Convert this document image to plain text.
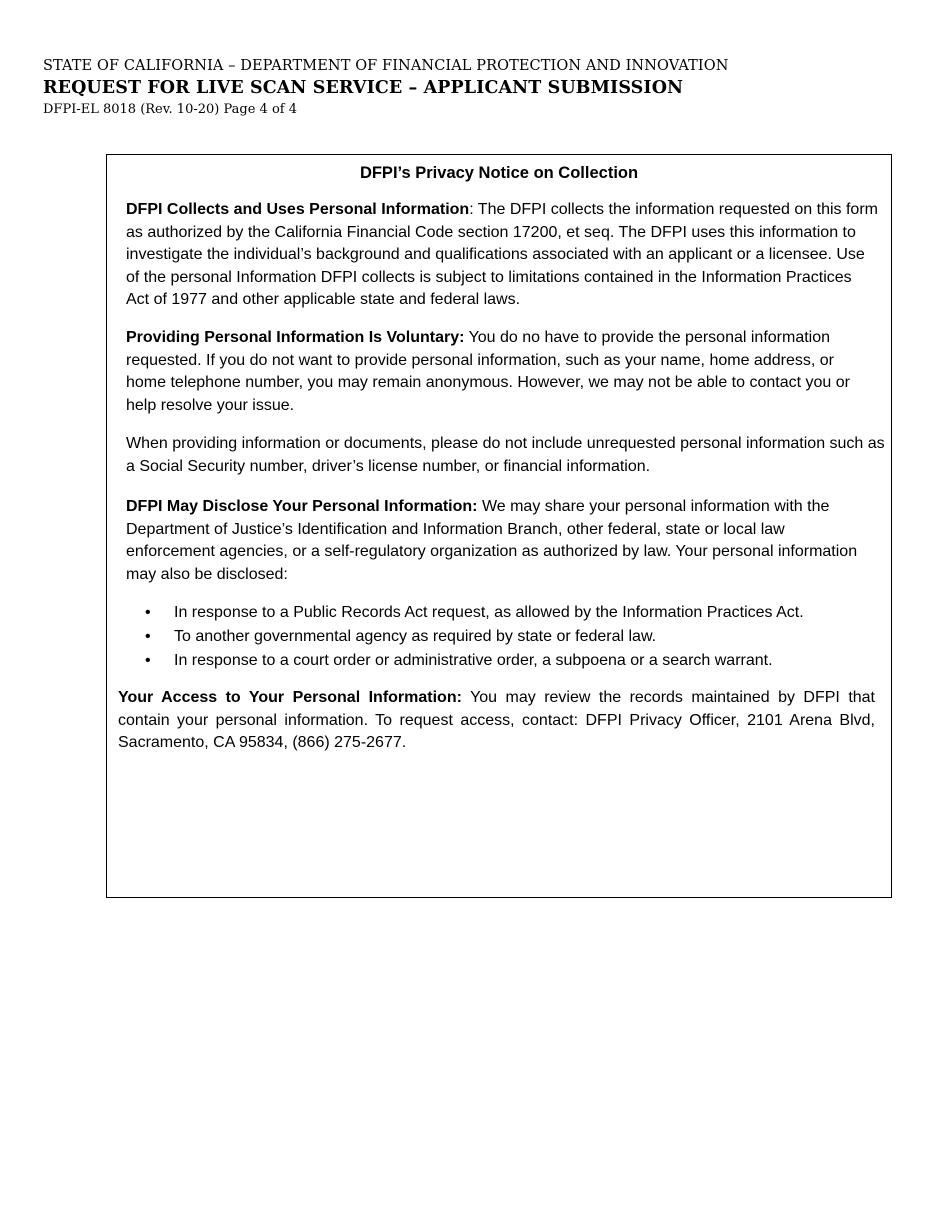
STATE OF CALIFORNIA – DEPARTMENT OF FINANCIAL PROTECTION AND INNOVATION
REQUEST FOR LIVE SCAN SERVICE – APPLICANT SUBMISSION
DFPI-EL 8018 (Rev. 10-20) Page 4 of 4
DFPI’s Privacy Notice on Collection

DFPI Collects and Uses Personal Information: The DFPI collects the information requested on this form as authorized by the California Financial Code section 17200, et seq. The DFPI uses this information to investigate the individual’s background and qualifications associated with an applicant or a licensee. Use of the personal Information DFPI collects is subject to limitations contained in the Information Practices Act of 1977 and other applicable state and federal laws.

Providing Personal Information Is Voluntary: You do no have to provide the personal information requested. If you do not want to provide personal information, such as your name, home address, or home telephone number, you may remain anonymous. However, we may not be able to contact you or help resolve your issue.

When providing information or documents, please do not include unrequested personal information such as a Social Security number, driver’s license number, or financial information.

DFPI May Disclose Your Personal Information: We may share your personal information with the Department of Justice’s Identification and Information Branch, other federal, state or local law enforcement agencies, or a self-regulatory organization as authorized by law. Your personal information may also be disclosed:

• In response to a Public Records Act request, as allowed by the Information Practices Act.
• To another governmental agency as required by state or federal law.
• In response to a court order or administrative order, a subpoena or a search warrant.

Your Access to Your Personal Information: You may review the records maintained by DFPI that contain your personal information. To request access, contact: DFPI Privacy Officer, 2101 Arena Blvd, Sacramento, CA 95834, (866) 275-2677.
